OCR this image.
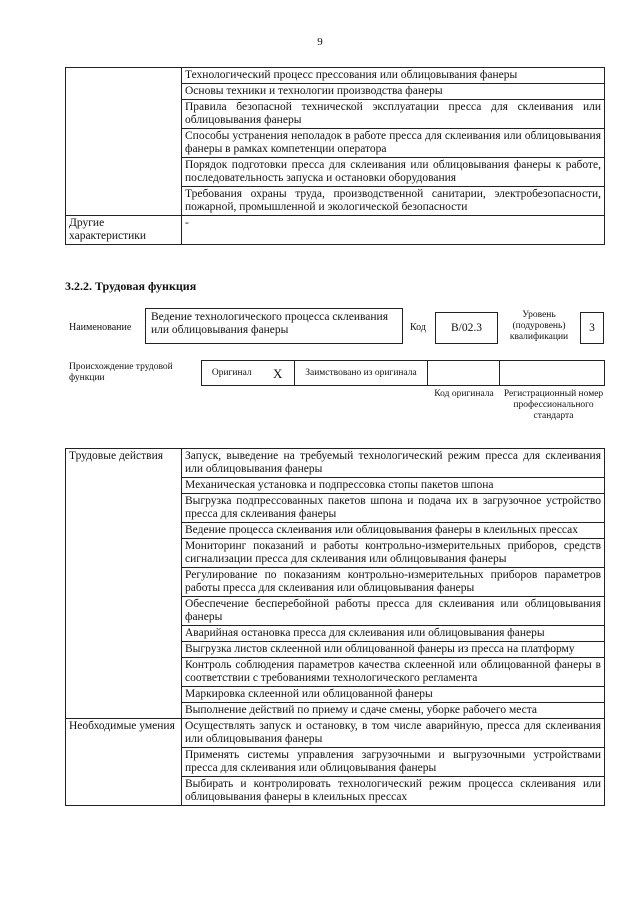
9
	Технологический процесс прессования или облицовывания фанеры
	Основы техники и технологии производства фанеры
	Правила безопасной технической эксплуатации пресса для склеивания или облицовывания фанеры
	Способы устранения неполадок в работе пресса для склеивания или облицовывания фанеры в рамках компетенции оператора
	Порядок подготовки пресса для склеивания или облицовывания фанеры к работе, последовательность запуска и остановки оборудования
	Требования охраны труда, производственной санитарии, электробезопасности, пожарной, промышленной и экологической безопасности
Другие характеристики	-
3.2.2. Трудовая функция
Наименование
Ведение технологического процесса склеивания или облицовывания фанеры	Код	B/02.3
Уровень (подуровень) квалификации
3
Происхождение трудовой функции
Оригинал	X	Заимствовано из оригинала		
Код оригинала	Регистрационный номер профессионального стандарта
Трудовые действия	Запуск, выведение на требуемый технологический режим пресса для склеивания или облицовывания фанеры
	Механическая установка и подпрессовка стопы пакетов шпона
	Выгрузка подпрессованных пакетов шпона и подача их в загрузочное устройство пресса для склеивания фанеры
	Ведение процесса склеивания или облицовывания фанеры в клеильных прессах
	Мониторинг показаний и работы контрольно-измерительных приборов, средств сигнализации пресса для склеивания или облицовывания фанеры
	Регулирование по показаниям контрольно-измерительных приборов параметров работы пресса для склеивания или облицовывания фанеры
	Обеспечение бесперебойной работы пресса для склеивания или облицовывания фанеры
	Аварийная остановка пресса для склеивания или облицовывания фанеры
	Выгрузка листов склеенной или облицованной фанеры из пресса на платформу
	Контроль соблюдения параметров качества склеенной или облицованной фанеры в соответствии с требованиями технологического регламента
	Маркировка склеенной или облицованной фанеры
	Выполнение действий по приему и сдаче смены, уборке рабочего места
Необходимые умения	Осуществлять запуск и остановку, в том числе аварийную, пресса для склеивания или облицовывания фанеры
	Применять системы управления загрузочными и выгрузочными устройствами пресса для склеивания или облицовывания фанеры
	Выбирать и контролировать технологический режим процесса склеивания или облицовывания фанеры в клеильных прессах
